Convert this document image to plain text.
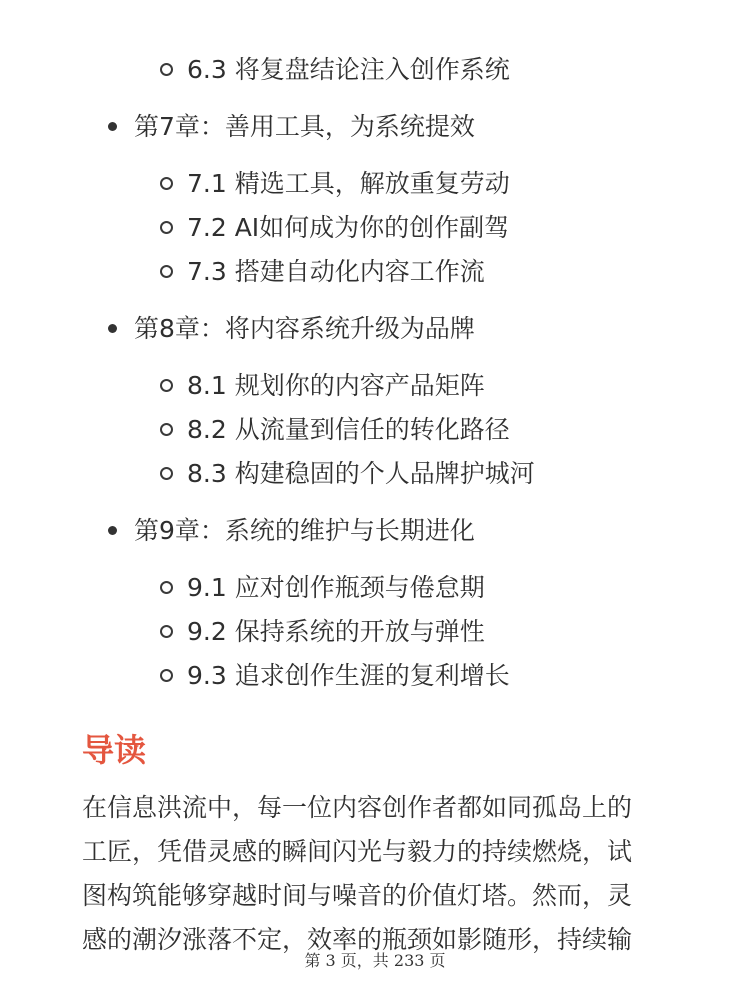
6.3 将复盘结论注入创作系统
第7章：善用工具，为系统提效
7.1 精选工具，解放重复劳动
7.2 AI如何成为你的创作副驾
7.3 搭建自动化内容工作流
第8章：将内容系统升级为品牌
8.1 规划你的内容产品矩阵
8.2 从流量到信任的转化路径
8.3 构建稳固的个人品牌护城河
第9章：系统的维护与长期进化
9.1 应对创作瓶颈与倦怠期
9.2 保持系统的开放与弹性
9.3 追求创作生涯的复利增长
导读
在信息洪流中，每一位内容创作者都如同孤岛上的
工匠，凭借灵感的瞬间闪光与毅力的持续燃烧，试
图构筑能够穿越时间与噪音的价值灯塔。然而，灵
感的潮汐涨落不定，效率的瓶颈如影随形，持续输
第 3 页，共 233 页
